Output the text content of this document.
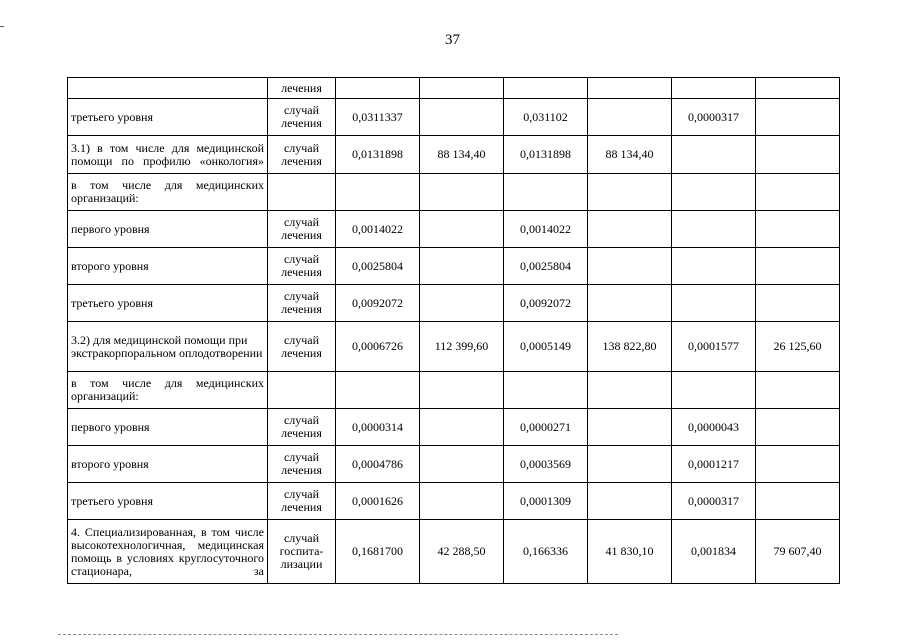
37
	лечения						
третьего уровня	случай лечения	0,0311337		0,031102		0,0000317	
3.1) в том числе для медицинской помощи по профилю «онкология»	случай лечения	0,0131898	88 134,40	0,0131898	88 134,40		
в том числе для медицинских организаций:							
первого уровня	случай лечения	0,0014022		0,0014022			
второго уровня	случай лечения	0,0025804		0,0025804			
третьего уровня	случай лечения	0,0092072		0,0092072			
3.2) для медицинской помощи при экстракорпоральном оплодотворении	случай лечения	0,0006726	112 399,60	0,0005149	138 822,80	0,0001577	26 125,60
в том числе для медицинских организаций:							
первого уровня	случай лечения	0,0000314		0,0000271		0,0000043	
второго уровня	случай лечения	0,0004786		0,0003569		0,0001217	
третьего уровня	случай лечения	0,0001626		0,0001309		0,0000317	
4. Специализированная, в том числе высокотехнологичная, медицинская помощь в условиях круглосуточного стационара, за	случай госпита-лизации	0,1681700	42 288,50	0,166336	41 830,10	0,001834	79 607,40
